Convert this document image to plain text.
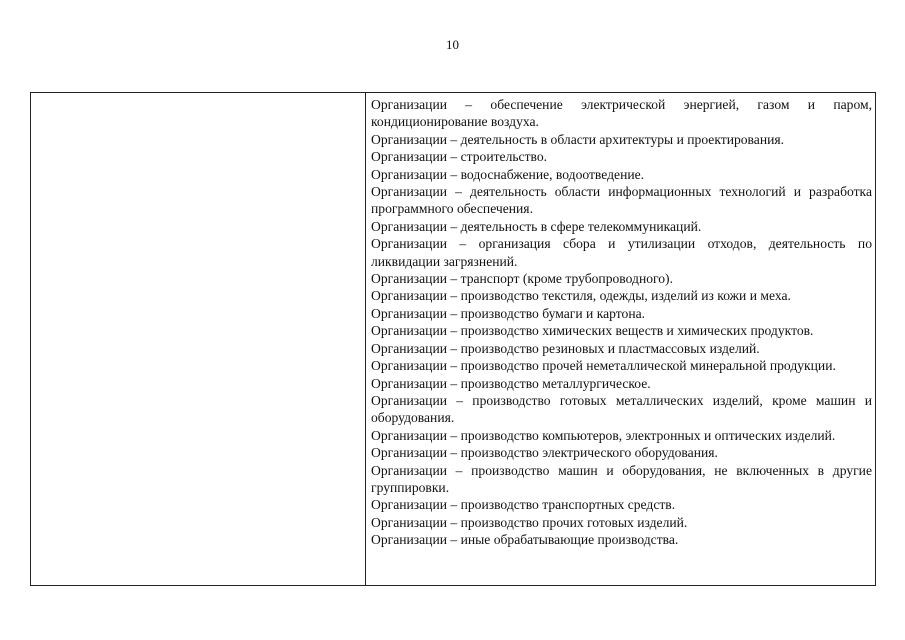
10

Организации – обеспечение электрической энергией, газом и паром, кондиционирование воздуха.

Организации – деятельность в области архитектуры и проектирования.

Организации – строительство.

Организации – водоснабжение, водоотведение.

Организации – деятельность области информационных технологий и разработка программного обеспечения.

Организации – деятельность в сфере телекоммуникаций.

Организации – организация сбора и утилизации отходов, деятельность по ликвидации загрязнений.

Организации – транспорт (кроме трубопроводного).

Организации – производство текстиля, одежды, изделий из кожи и меха.

Организации – производство бумаги и картона.

Организации – производство химических веществ и химических продуктов.

Организации – производство резиновых и пластмассовых изделий.

Организации – производство прочей неметаллической минеральной продукции.

Организации – производство металлургическое.

Организации – производство готовых металлических изделий, кроме машин и оборудования.

Организации – производство компьютеров, электронных и оптических изделий.

Организации – производство электрического оборудования.

Организации – производство машин и оборудования, не включенных в другие группировки.

Организации – производство транспортных средств.

Организации – производство прочих готовых изделий.

Организации – иные обрабатывающие производства.
